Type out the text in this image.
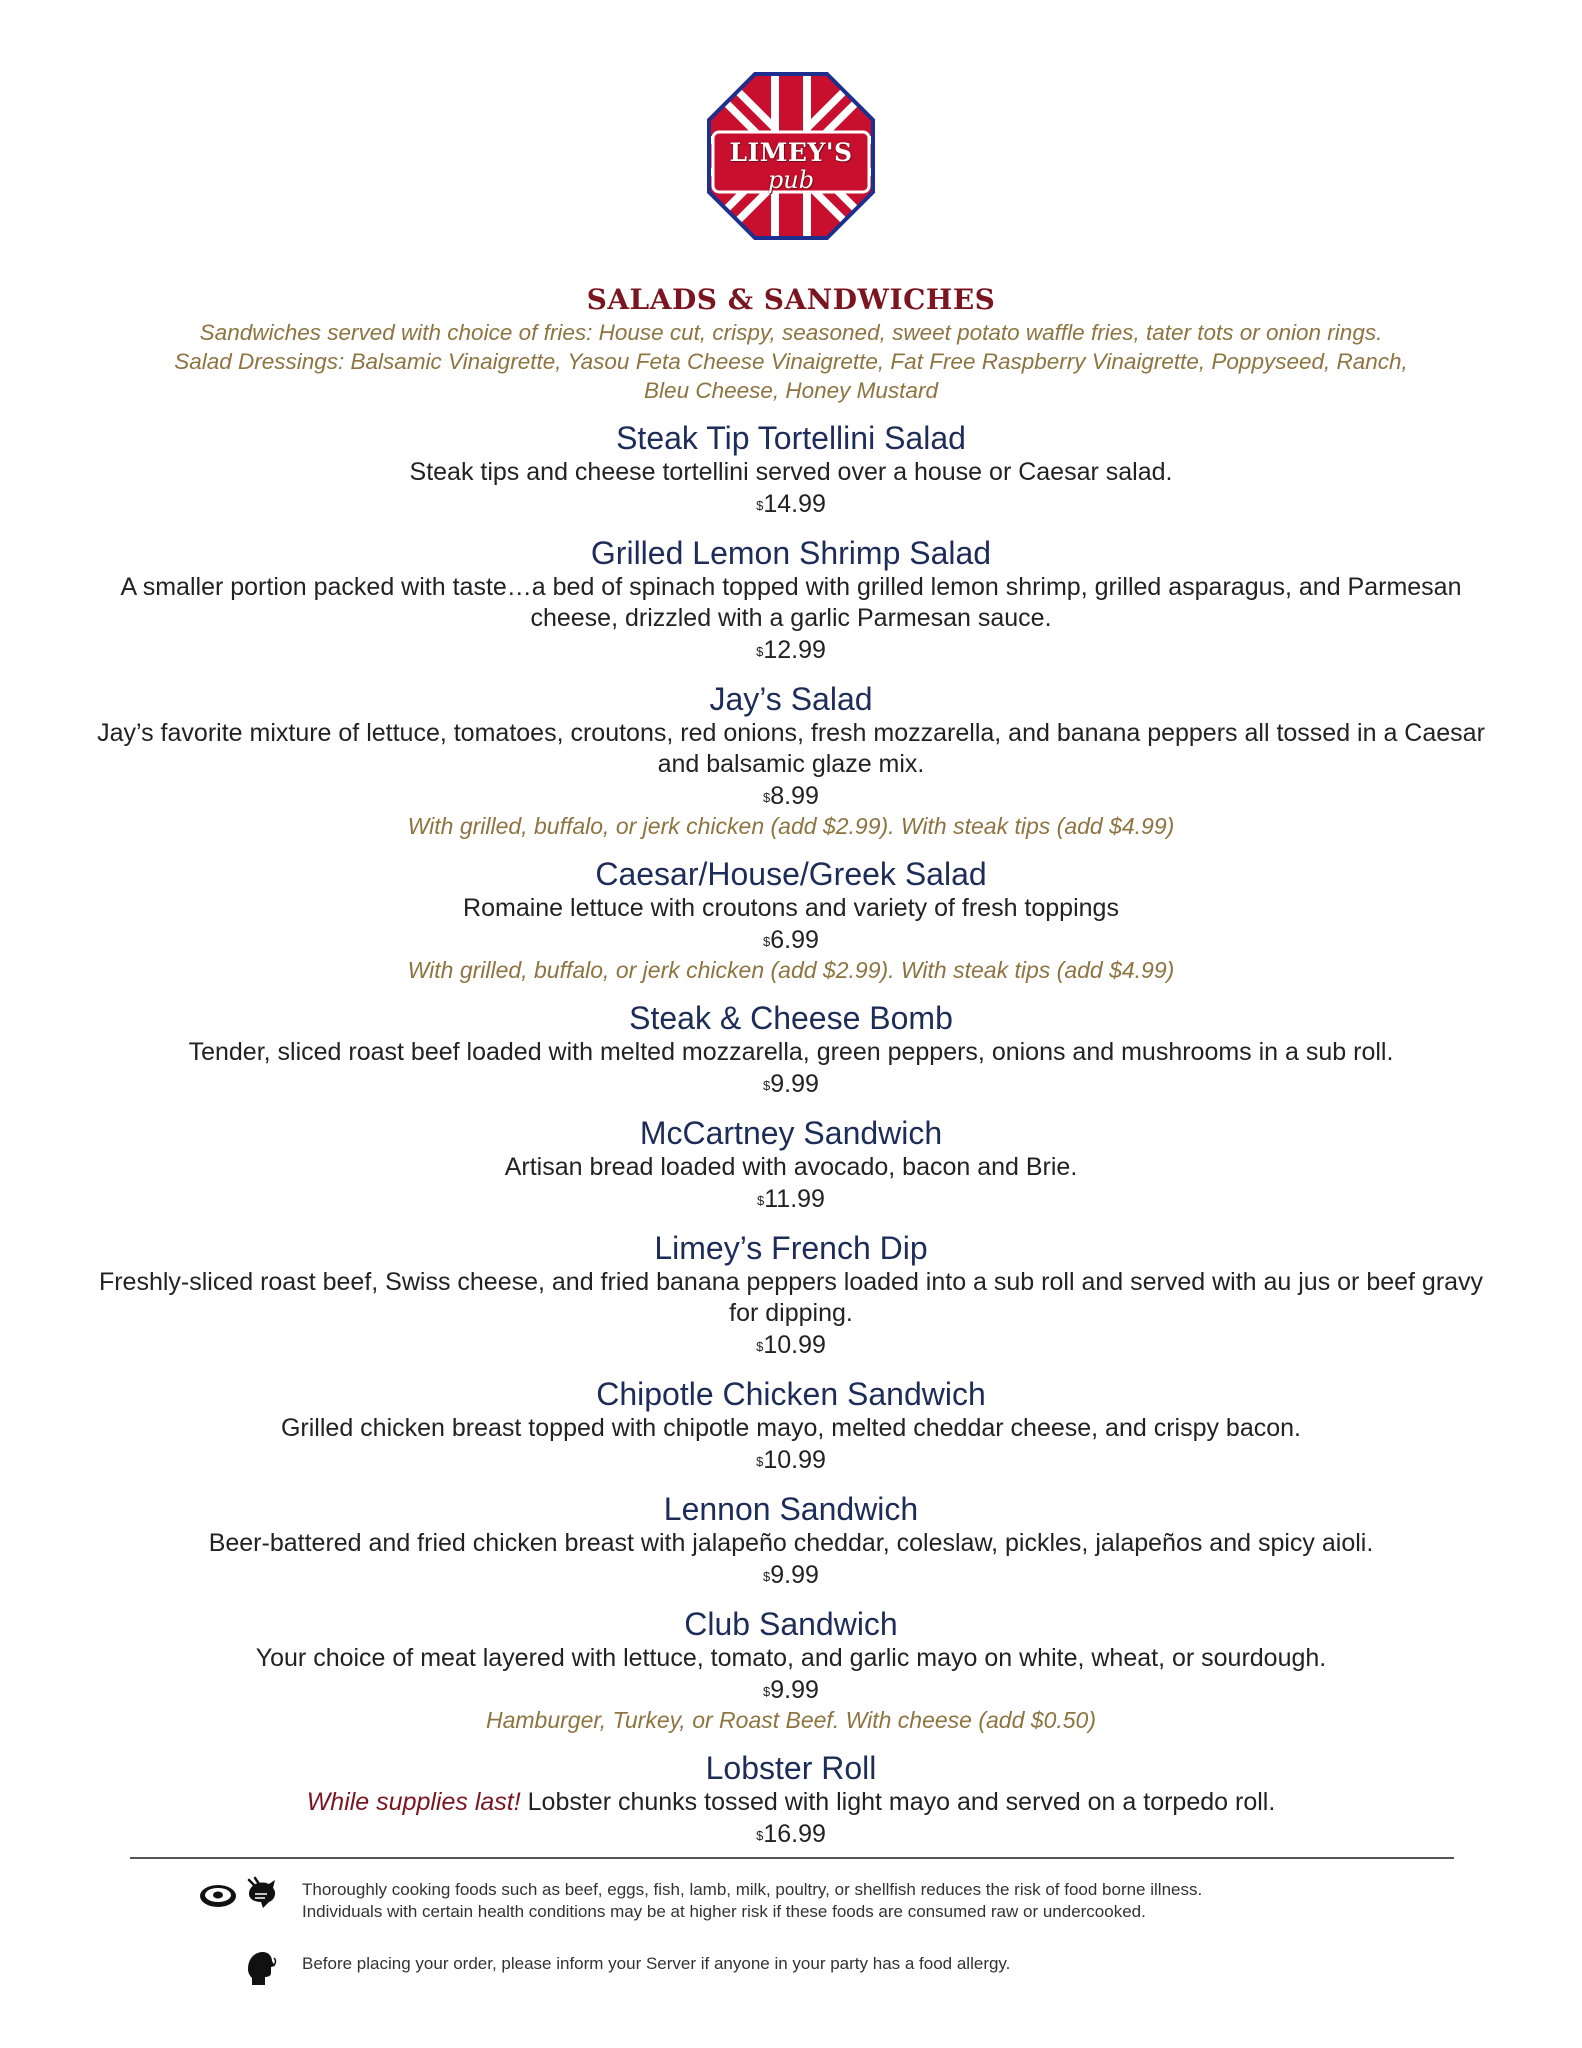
LIMEY'S
pub
SALADS & SANDWICHES
Sandwiches served with choice of fries: House cut, crispy, seasoned, sweet potato waffle fries, tater tots or onion rings.
Salad Dressings: Balsamic Vinaigrette, Yasou Feta Cheese Vinaigrette, Fat Free Raspberry Vinaigrette, Poppyseed, Ranch,
Bleu Cheese, Honey Mustard
Steak Tip Tortellini Salad
Steak tips and cheese tortellini served over a house or Caesar salad.
$14.99
Grilled Lemon Shrimp Salad
A smaller portion packed with taste…a bed of spinach topped with grilled lemon shrimp, grilled asparagus, and Parmesan cheese, drizzled with a garlic Parmesan sauce.
$12.99
Jay’s Salad
Jay’s favorite mixture of lettuce, tomatoes, croutons, red onions, fresh mozzarella, and banana peppers all tossed in a Caesar and balsamic glaze mix.
$8.99
With grilled, buffalo, or jerk chicken (add $2.99). With steak tips (add $4.99)
Caesar/House/Greek Salad
Romaine lettuce with croutons and variety of fresh toppings
$6.99
With grilled, buffalo, or jerk chicken (add $2.99). With steak tips (add $4.99)
Steak & Cheese Bomb
Tender, sliced roast beef loaded with melted mozzarella, green peppers, onions and mushrooms in a sub roll.
$9.99
McCartney Sandwich
Artisan bread loaded with avocado, bacon and Brie.
$11.99
Limey’s French Dip
Freshly-sliced roast beef, Swiss cheese, and fried banana peppers loaded into a sub roll and served with au jus or beef gravy for dipping.
$10.99
Chipotle Chicken Sandwich
Grilled chicken breast topped with chipotle mayo, melted cheddar cheese, and crispy bacon.
$10.99
Lennon Sandwich
Beer-battered and fried chicken breast with jalapeño cheddar, coleslaw, pickles, jalapeños and spicy aioli.
$9.99
Club Sandwich
Your choice of meat layered with lettuce, tomato, and garlic mayo on white, wheat, or sourdough.
$9.99
Hamburger, Turkey, or Roast Beef. With cheese (add $0.50)
Lobster Roll
While supplies last! Lobster chunks tossed with light mayo and served on a torpedo roll.
$16.99
Thoroughly cooking foods such as beef, eggs, fish, lamb, milk, poultry, or shellfish reduces the risk of food borne illness.
Individuals with certain health conditions may be at higher risk if these foods are consumed raw or undercooked.
Before placing your order, please inform your Server if anyone in your party has a food allergy.
